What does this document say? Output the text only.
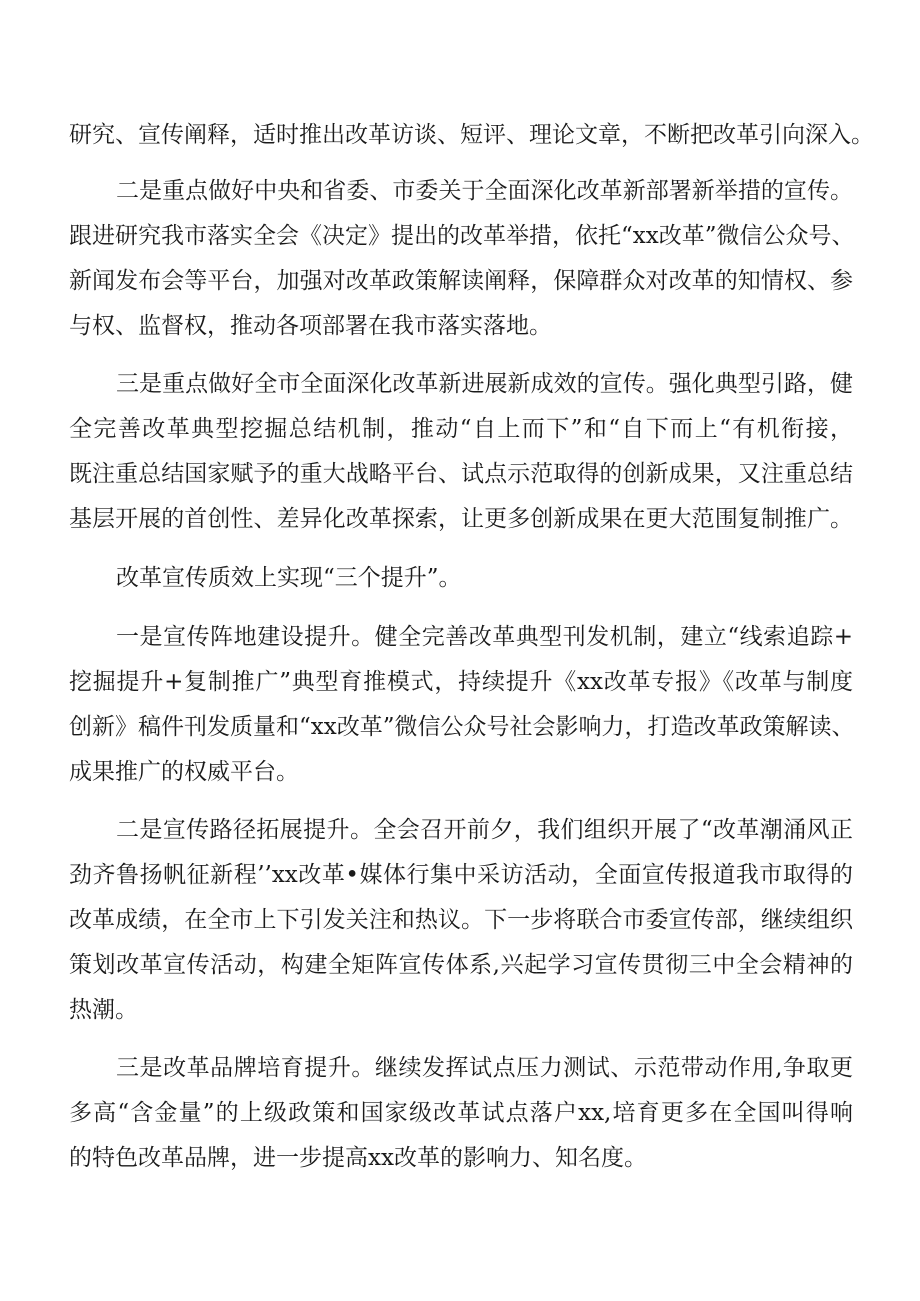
研究、宣传阐释，适时推出改革访谈、短评、理论文章，不断把改革引向深入。

二是重点做好中央和省委、市委关于全面深化改革新部署新举措的宣传。

跟进研究我市落实全会《决定》提出的改革举措，依托“xx改革”微信公众号、

新闻发布会等平台，加强对改革政策解读阐释，保障群众对改革的知情权、参

与权、监督权，推动各项部署在我市落实落地。

三是重点做好全市全面深化改革新进展新成效的宣传。强化典型引路，健

全完善改革典型挖掘总结机制，推动“自上而下”和“自下而上“有机衔接，

既注重总结国家赋予的重大战略平台、试点示范取得的创新成果，又注重总结

基层开展的首创性、差异化改革探索，让更多创新成果在更大范围复制推广。

改革宣传质效上实现“三个提升”。

一是宣传阵地建设提升。健全完善改革典型刊发机制，建立“线索追踪+

挖掘提升+复制推广”典型育推模式，持续提升《xx改革专报》《改革与制度

创新》稿件刊发质量和“xx改革”微信公众号社会影响力，打造改革政策解读、

成果推广的权威平台。

二是宣传路径拓展提升。全会召开前夕，我们组织开展了“改革潮涌风正

劲齐鲁扬帆征新程’’xx改革•媒体行集中采访活动，全面宣传报道我市取得的

改革成绩，在全市上下引发关注和热议。下一步将联合市委宣传部，继续组织

策划改革宣传活动，构建全矩阵宣传体系,兴起学习宣传贯彻三中全会精神的

热潮。

三是改革品牌培育提升。继续发挥试点压力测试、示范带动作用,争取更

多高“含金量”的上级政策和国家级改革试点落户xx,培育更多在全国叫得响

的特色改革品牌，进一步提高xx改革的影响力、知名度。
